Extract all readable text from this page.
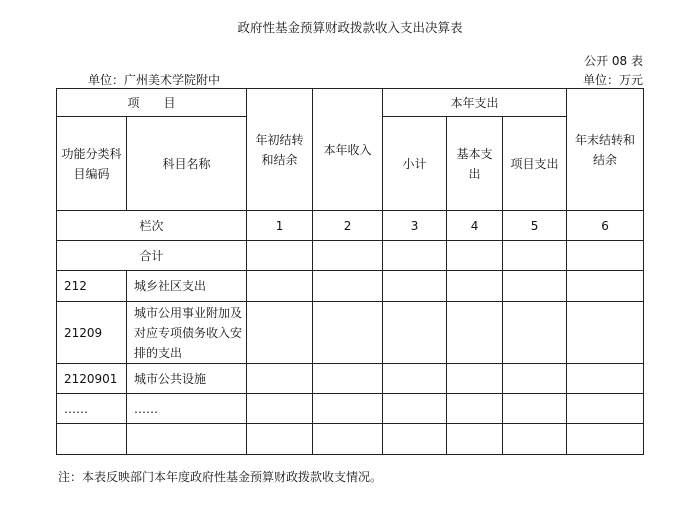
政府性基金预算财政拨款收入支出决算表
公开 08 表
单位：广州美术学院附中	单位：万元
项　　目		年初结转和结余	本年收入	本年支出			年末结转和结余
功能分类科目编码	科目名称			小计	基本支出	项目支出	
栏次		1	2	3	4	5	6
合计							
212	城乡社区支出						
21209	城市公用事业附加及对应专项债务收入安排的支出						
2120901	城市公共设施						
……	……						

注：本表反映部门本年度政府性基金预算财政拨款收支情况。
